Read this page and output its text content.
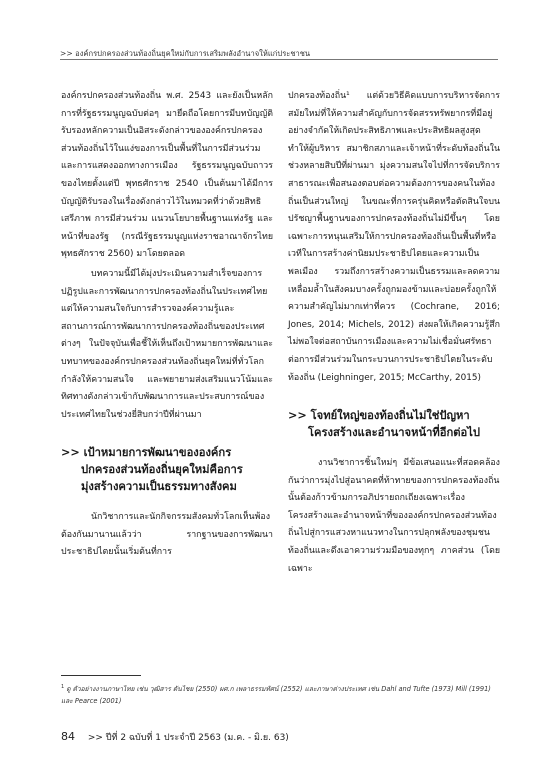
>> องค์กรปกครองส่วนท้องถิ่นยุคใหม่กับการเสริมพลังอำนาจให้แก่ประชาชน

องค์กรปกครองส่วนท้องถิ่น พ.ศ. 2543 และยังเป็นหลักการที่รัฐธรรมนูญฉบับต่อๆ มายึดถือโดยการมีบทบัญญัติรับรองหลักความเป็นอิสระดังกล่าวขององค์กรปกครองส่วนท้องถิ่นไว้ในแง่ของการเป็นพื้นที่ในการมีส่วนร่วมและการแสดงออกทางการเมือง รัฐธรรมนูญฉบับถาวรของไทยตั้งแต่ปี พุทธศักราช 2540 เป็นต้นมาได้มีการบัญญัติรับรองในเรื่องดังกล่าวไว้ในหมวดที่ว่าด้วยสิทธิ เสรีภาพ การมีส่วนร่วม แนวนโยบายพื้นฐานแห่งรัฐ และหน้าที่ของรัฐ (กรณีรัฐธรรมนูญแห่งราชอาณาจักรไทย พุทธศักราช 2560) มาโดยตลอด

บทความนี้มีได้มุ่งประเมินความสำเร็จของการปฏิรูปและการพัฒนาการปกครองท้องถิ่นในประเทศไทย แต่ให้ความสนใจกับการสำรวจองค์ความรู้และสถานการณ์การพัฒนาการปกครองท้องถิ่นของประเทศต่างๆ ในปัจจุบันเพื่อชี้ให้เห็นถึงเป้าหมายการพัฒนาและบทบาทขององค์กรปกครองส่วนท้องถิ่นยุคใหม่ที่ทั่วโลกกำลังให้ความสนใจ และพยายามส่งเสริมแนวโน้มและทิศทางดังกล่าวเข้ากับพัฒนาการและประสบการณ์ของประเทศไทยในช่วงยี่สิบกว่าปีที่ผ่านมา

>> เป้าหมายการพัฒนาขององค์กร
ปกครองส่วนท้องถิ่นยุคใหม่คือการ
มุ่งสร้างความเป็นธรรมทางสังคม

นักวิชาการและนักกิจกรรมสังคมทั่วโลกเห็นพ้องต้องกันมานานแล้วว่า รากฐานของการพัฒนาประชาธิปไตยนั้นเริ่มต้นที่การ

ปกครองท้องถิ่น¹ แต่ด้วยวิธีคิดแบบการบริหารจัดการสมัยใหม่ที่ให้ความสำคัญกับการจัดสรรทรัพยากรที่มีอยู่อย่างจำกัดให้เกิดประสิทธิภาพและประสิทธิผลสูงสุดทำให้ผู้บริหาร สมาชิกสภาและเจ้าหน้าที่ระดับท้องถิ่นในช่วงหลายสิบปีที่ผ่านมา มุ่งความสนใจไปที่การจัดบริการสาธารณะเพื่อสนองตอบต่อความต้องการของคนในท้องถิ่นเป็นส่วนใหญ่ ในขณะที่การครุ่นคิดหรือตัดสินใจบนปรัชญาพื้นฐานของการปกครองท้องถิ่นไม่มีขึ้นๆ โดยเฉพาะการหนุนเสริมให้การปกครองท้องถิ่นเป็นพื้นที่หรือเวทีในการสร้างค่านิยมประชาธิปไตยและความเป็นพลเมือง รวมถึงการสร้างความเป็นธรรมและลดความเหลื่อมล้ำในสังคมบางครั้งถูกมองข้ามและบ่อยครั้งถูกให้ความสำคัญไม่มากเท่าที่ควร (Cochrane, 2016; Jones, 2014; Michels, 2012) ส่งผลให้เกิดความรู้สึกไม่พอใจต่อสถาบันการเมืองและความไม่เชื่อมั่นศรัทธาต่อการมีส่วนร่วมในกระบวนการประชาธิปไตยในระดับท้องถิ่น (Leighninger, 2015; McCarthy, 2015)

>> โจทย์ใหญ่ของท้องถิ่นไม่ใช่ปัญหา
โครงสร้างและอำนาจหน้าที่อีกต่อไป

งานวิชาการชิ้นใหม่ๆ มีข้อเสนอแนะที่สอดคล้องกันว่าการมุ่งไปสู่อนาคตที่ท้าทายของการปกครองท้องถิ่นนั้นต้องก้าวข้ามการอภิปรายถกเถียงเฉพาะเรื่องโครงสร้างและอำนาจหน้าที่ขององค์กรปกครองส่วนท้องถิ่นไปสู่การแสวงหาแนวทางในการปลุกพลังของชุมชนท้องถิ่นและดึงเอาความร่วมมือของทุกๆ ภาคส่วน (โดยเฉพาะ

$^1$ ดู ตัวอย่างงานภาษาไทย เช่น วุฒิสาร ตันไชย (2550) ผศ.ก เพลาธรรมทัศน์ (2552) และภาษาต่างประเทศ เช่น Dahl and Tufte (1973) Mill (1991) และ Pearce (2001)
84 >> ปีที่ 2 ฉบับที่ 1 ประจำปี 2563 (ม.ค. - มิ.ย. 63)
